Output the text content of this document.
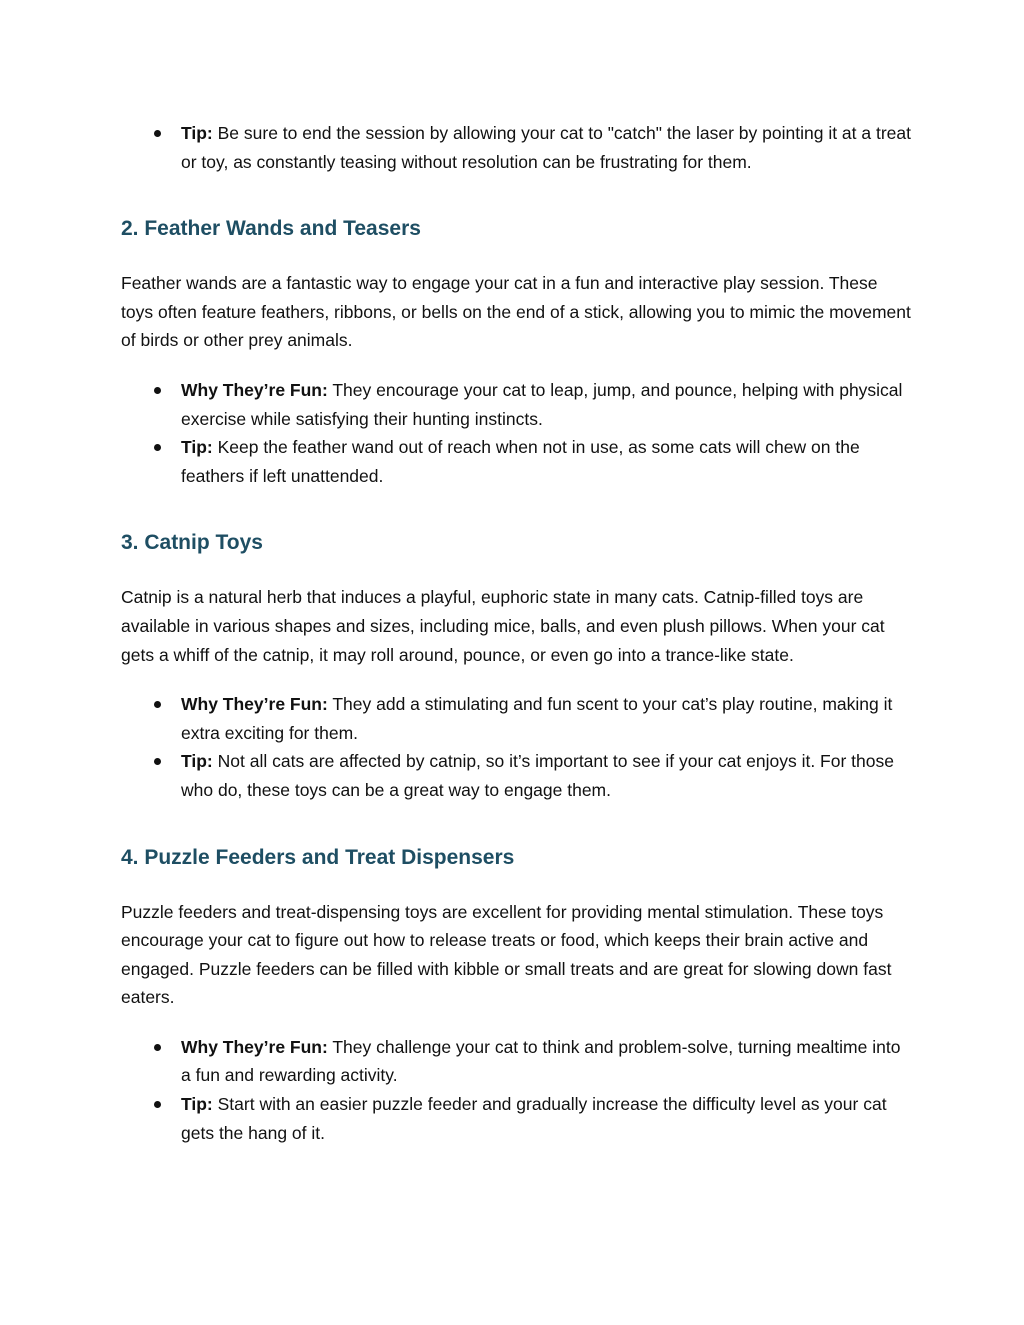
Tip: Be sure to end the session by allowing your cat to "catch" the laser by pointing it at a treat or toy, as constantly teasing without resolution can be frustrating for them.
2. Feather Wands and Teasers

Feather wands are a fantastic way to engage your cat in a fun and interactive play session. These toys often feature feathers, ribbons, or bells on the end of a stick, allowing you to mimic the movement of birds or other prey animals.

Why They’re Fun: They encourage your cat to leap, jump, and pounce, helping with physical exercise while satisfying their hunting instincts.
Tip: Keep the feather wand out of reach when not in use, as some cats will chew on the feathers if left unattended.
3. Catnip Toys

Catnip is a natural herb that induces a playful, euphoric state in many cats. Catnip-filled toys are available in various shapes and sizes, including mice, balls, and even plush pillows. When your cat gets a whiff of the catnip, it may roll around, pounce, or even go into a trance-like state.

Why They’re Fun: They add a stimulating and fun scent to your cat’s play routine, making it extra exciting for them.
Tip: Not all cats are affected by catnip, so it’s important to see if your cat enjoys it. For those who do, these toys can be a great way to engage them.
4. Puzzle Feeders and Treat Dispensers

Puzzle feeders and treat-dispensing toys are excellent for providing mental stimulation. These toys encourage your cat to figure out how to release treats or food, which keeps their brain active and engaged. Puzzle feeders can be filled with kibble or small treats and are great for slowing down fast eaters.

Why They’re Fun: They challenge your cat to think and problem-solve, turning mealtime into a fun and rewarding activity.
Tip: Start with an easier puzzle feeder and gradually increase the difficulty level as your cat gets the hang of it.
